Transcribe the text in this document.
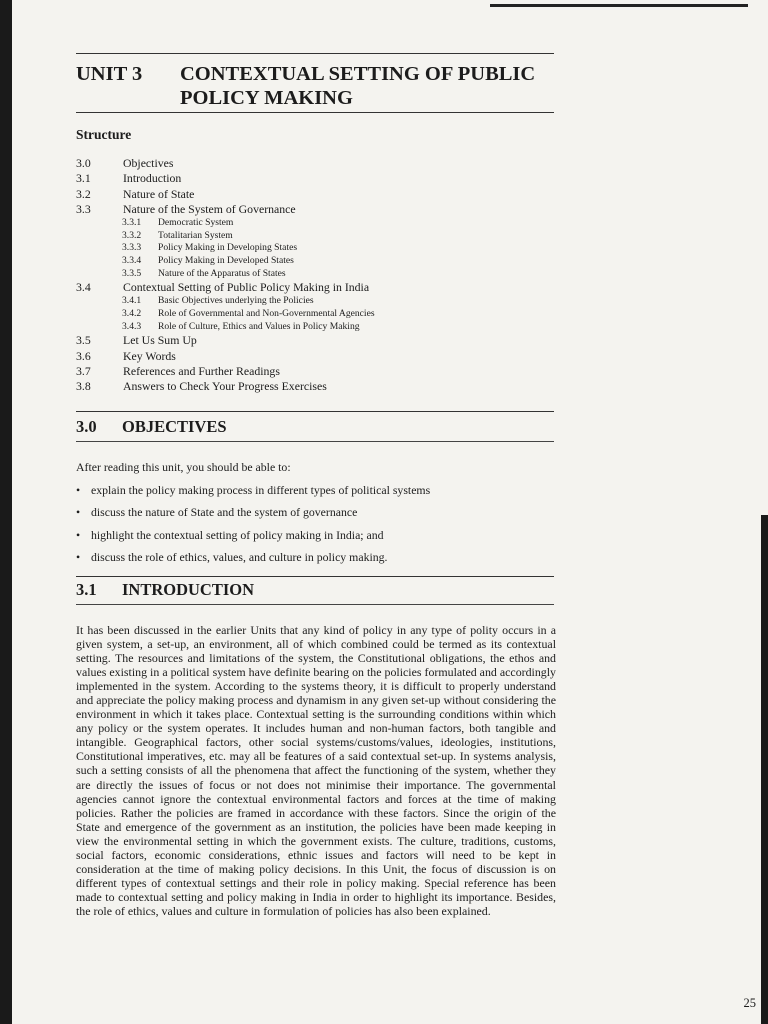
UNIT 3 CONTEXTUAL SETTING OF PUBLIC POLICY MAKING
Structure
3.0	Objectives
3.1	Introduction
3.2	Nature of State
3.3	Nature of the System of Governance
3.3.1 Democratic System
3.3.2 Totalitarian System
3.3.3 Policy Making in Developing States
3.3.4 Policy Making in Developed States
3.3.5 Nature of the Apparatus of States
3.4	Contextual Setting of Public Policy Making in India
3.4.1 Basic Objectives underlying the Policies
3.4.2 Role of Governmental and Non-Governmental Agencies
3.4.3 Role of Culture, Ethics and Values in Policy Making
3.5	Let Us Sum Up
3.6	Key Words
3.7	References and Further Readings
3.8	Answers to Check Your Progress Exercises
3.0 OBJECTIVES
After reading this unit, you should be able to:
• explain the policy making process in different types of political systems
• discuss the nature of State and the system of governance
• highlight the contextual setting of policy making in India; and
• discuss the role of ethics, values, and culture in policy making.
3.1 INTRODUCTION

It has been discussed in the earlier Units that any kind of policy in any type of polity occurs in a given system, a set-up, an environment, all of which combined could be termed as its contextual setting. The resources and limitations of the system, the Constitutional obligations, the ethos and values existing in a political system have definite bearing on the policies formulated and accordingly implemented in the system. According to the systems theory, it is difficult to properly understand and appreciate the policy making process and dynamism in any given set-up without considering the environment in which it takes place. Contextual setting is the surrounding conditions within which any policy or the system operates. It includes human and non-human factors, both tangible and intangible. Geographical factors, other social systems/customs/values, ideologies, institutions, Constitutional imperatives, etc. may all be features of a said contextual set-up. In systems analysis, such a setting consists of all the phenomena that affect the functioning of the system, whether they are directly the issues of focus or not does not minimise their importance. The governmental agencies cannot ignore the contextual environmental factors and forces at the time of making policies. Rather the policies are framed in accordance with these factors. Since the origin of the State and emergence of the government as an institution, the policies have been made keeping in view the environmental setting in which the government exists. The culture, traditions, customs, social factors, economic considerations, ethnic issues and factors will need to be kept in consideration at the time of making policy decisions. In this Unit, the focus of discussion is on different types of contextual settings and their role in policy making. Special reference has been made to contextual setting and policy making in India in order to highlight its importance. Besides, the role of ethics, values and culture in formulation of policies has also been explained.

25
